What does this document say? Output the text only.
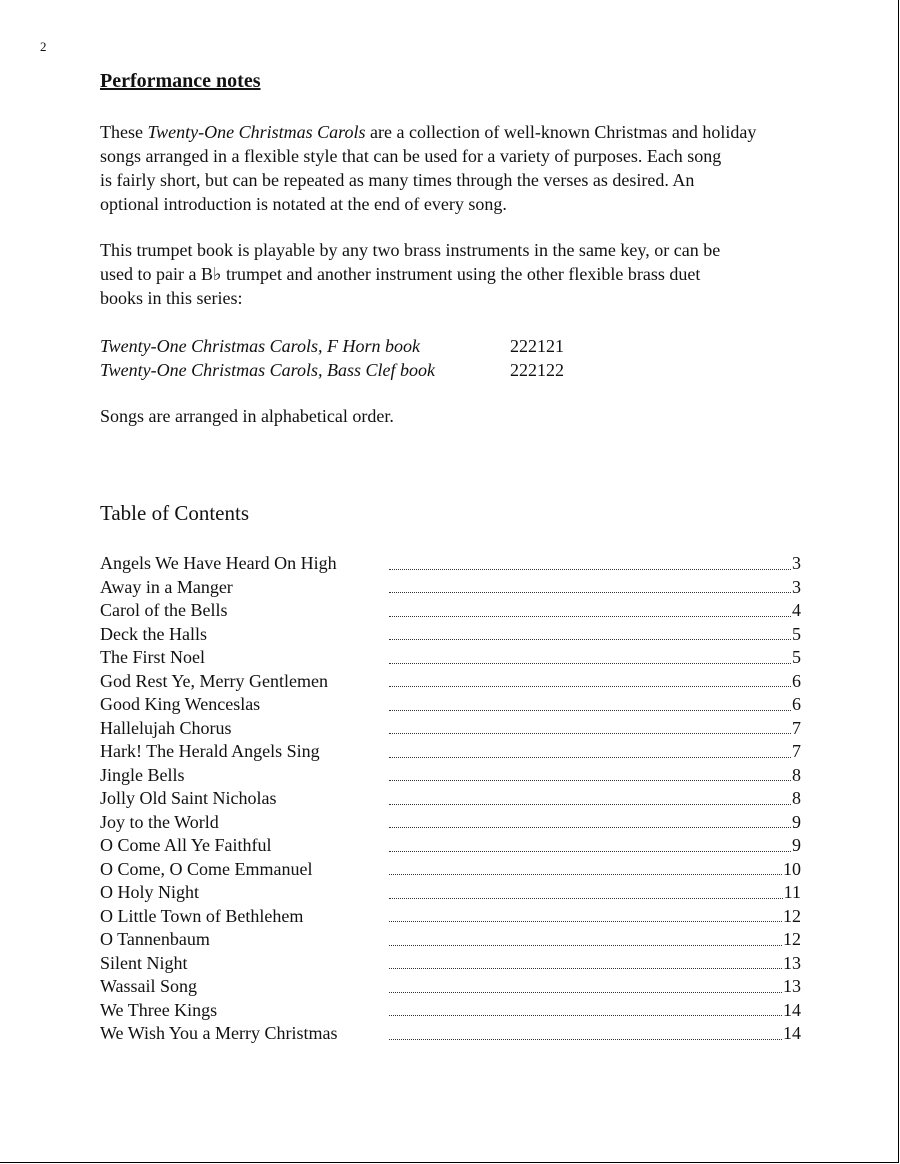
2
Performance notes
These Twenty-One Christmas Carols are a collection of well-known Christmas and holiday
songs arranged in a flexible style that can be used for a variety of purposes. Each song
is fairly short, but can be repeated as many times through the verses as desired. An
optional introduction is notated at the end of every song.
This trumpet book is playable by any two brass instruments in the same key, or can be
used to pair a B♭ trumpet and another instrument using the other flexible brass duet
books in this series:
Twenty-One Christmas Carols, F Horn book	222121
Twenty-One Christmas Carols, Bass Clef book	222122
Songs are arranged in alphabetical order.
Table of Contents
Angels We Have Heard On High	3
Away in a Manger	3
Carol of the Bells	4
Deck the Halls	5
The First Noel	5
God Rest Ye, Merry Gentlemen	6
Good King Wenceslas	6
Hallelujah Chorus	7
Hark! The Herald Angels Sing	7
Jingle Bells	8
Jolly Old Saint Nicholas	8
Joy to the World	9
O Come All Ye Faithful	9
O Come, O Come Emmanuel	10
O Holy Night	11
O Little Town of Bethlehem	12
O Tannenbaum	12
Silent Night	13
Wassail Song	13
We Three Kings	14
We Wish You a Merry Christmas	14
